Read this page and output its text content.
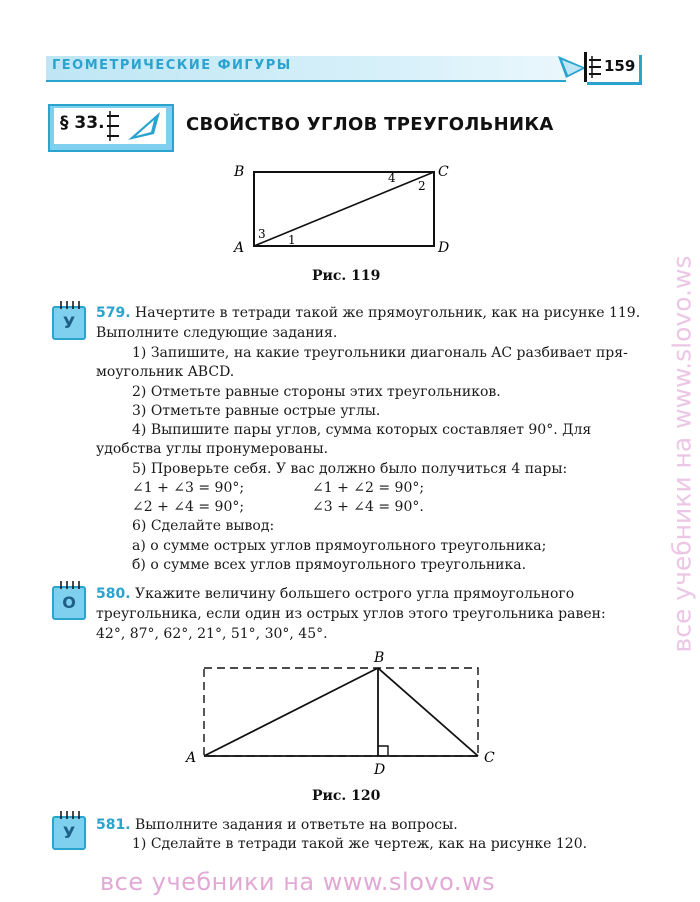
ГЕОМЕТРИЧЕСКИЕ ФИГУРЫ	159
§ 33.	СВОЙСТВО УГЛОВ ТРЕУГОЛЬНИКА
B	C
A	D
3 1
4
2
Рис. 119
У	579. Начертите в тетради такой же прямоугольник, как на рисунке 119.
Выполните следующие задания.
1) Запишите, на какие треугольники диагональ AC разбивает пря-
моугольник ABCD.
2) Отметьте равные стороны этих треугольников.
3) Отметьте равные острые углы.
4) Выпишите пары углов, сумма которых составляет 90°. Для
удобства углы пронумерованы.
5) Проверьте себя. У вас должно было получиться 4 пары:
∠1 + ∠3 = 90°;	∠1 + ∠2 = 90°;
∠2 + ∠4 = 90°;	∠3 + ∠4 = 90°.
6) Сделайте вывод:
а) о сумме острых углов прямоугольного треугольника;
б) о сумме всех углов прямоугольного треугольника.
О	580. Укажите величину большего острого угла прямоугольного
треугольника, если один из острых углов этого треугольника равен:
42°, 87°, 62°, 21°, 51°, 30°, 45°.
B
A	C
D
Рис. 120
У	581. Выполните задания и ответьте на вопросы.
1) Сделайте в тетради такой же чертеж, как на рисунке 120.
все учебники на www.slovo.ws
все учебники на www.slovo.ws
